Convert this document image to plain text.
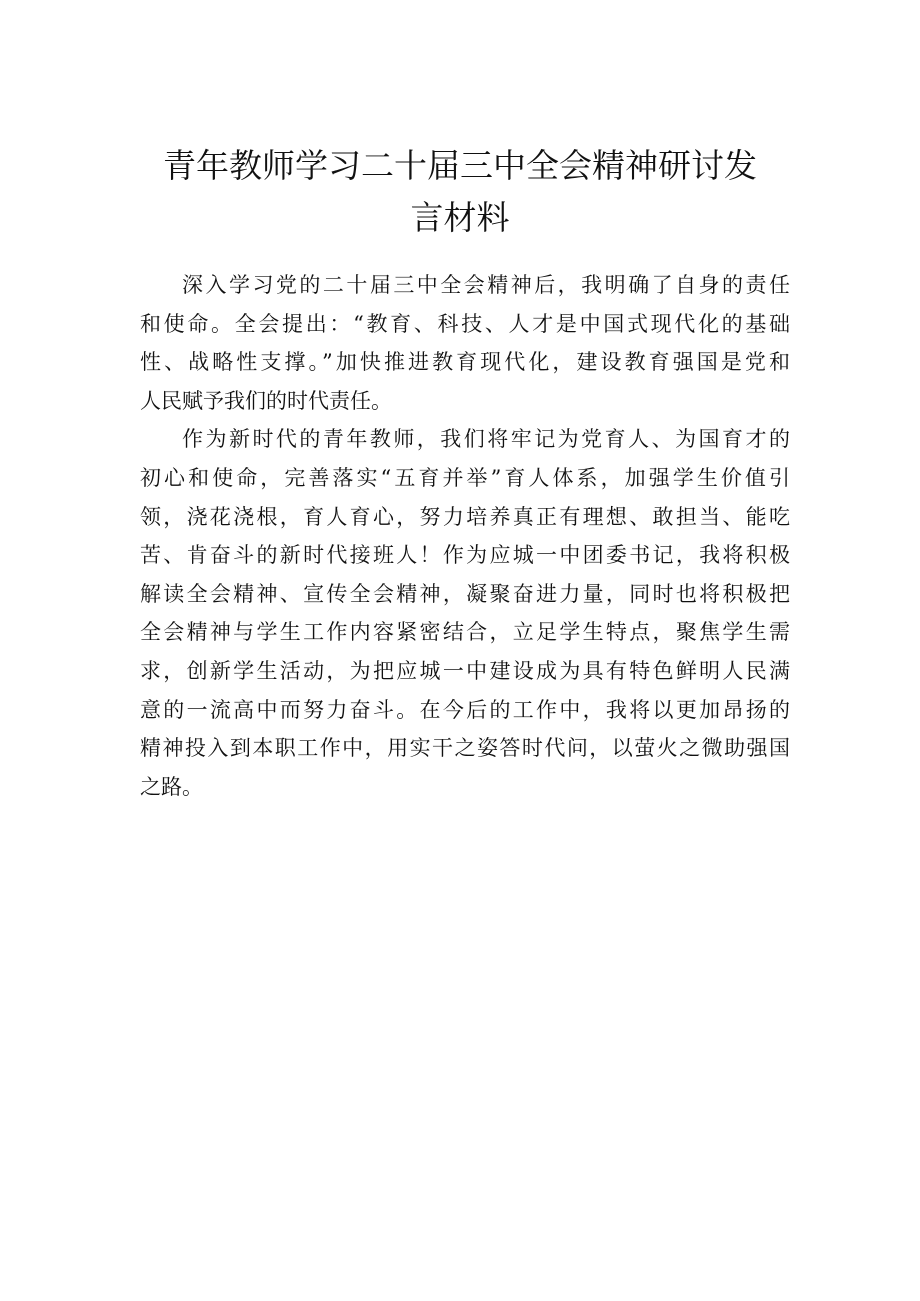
青年教师学习二十届三中全会精神研讨发
言材料

深入学习党的二十届三中全会精神后，我明确了自身的责任
和使命。全会提出：“教育、科技、人才是中国式现代化的基础
性、战略性支撑。”加快推进教育现代化，建设教育强国是党和
人民赋予我们的时代责任。

作为新时代的青年教师，我们将牢记为党育人、为国育才的
初心和使命，完善落实“五育并举”育人体系，加强学生价值引
领，浇花浇根，育人育心，努力培养真正有理想、敢担当、能吃
苦、肯奋斗的新时代接班人！作为应城一中团委书记，我将积极
解读全会精神、宣传全会精神，凝聚奋进力量，同时也将积极把
全会精神与学生工作内容紧密结合，立足学生特点，聚焦学生需
求，创新学生活动，为把应城一中建设成为具有特色鲜明人民满
意的一流高中而努力奋斗。在今后的工作中，我将以更加昂扬的
精神投入到本职工作中，用实干之姿答时代问，以萤火之微助强国
之路。
